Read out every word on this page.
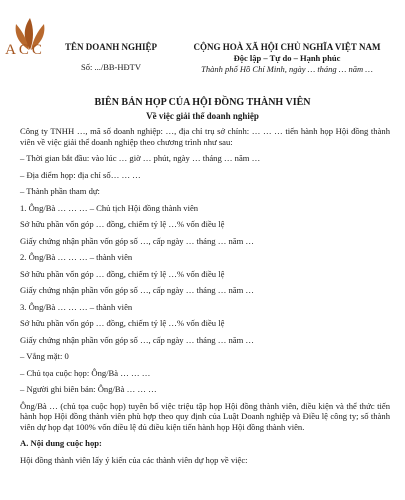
ACC	TÊN DOANH NGHIỆP
Số: .../BB-HĐTV
CỘNG HOÀ XÃ HỘI CHỦ NGHĨA VIỆT NAM
Độc lập – Tự do – Hạnh phúc
Thành phố Hồ Chí Minh, ngày … tháng … năm …
BIÊN BẢN HỌP CỦA HỘI ĐỒNG THÀNH VIÊN
Về việc giải thể doanh nghiệp

Công ty TNHH …, mã số doanh nghiệp: …, địa chỉ trụ sở chính: … … … tiến hành họp Hội đồng thành viên về việc giải thể doanh nghiệp theo chương trình như sau:

– Thời gian bắt đầu: vào lúc … giờ … phút, ngày … tháng … năm …

– Địa điểm họp: địa chỉ số… … …

– Thành phần tham dự:

1. Ông/Bà … … … – Chủ tịch Hội đồng thành viên

Sở hữu phần vốn góp … đồng, chiếm tỷ lệ …% vốn điều lệ

Giấy chứng nhận phần vốn góp số …, cấp ngày … tháng … năm …

2. Ông/Bà … … … – thành viên

Sở hữu phần vốn góp … đồng, chiếm tỷ lệ …% vốn điều lệ

Giấy chứng nhận phần vốn góp số …, cấp ngày … tháng … năm …

3. Ông/Bà … … … – thành viên

Sở hữu phần vốn góp … đồng, chiếm tỷ lệ …% vốn điều lệ

Giấy chứng nhận phần vốn góp số …, cấp ngày … tháng … năm …

– Vắng mặt: 0

– Chủ tọa cuộc họp: Ông/Bà … … …

– Người ghi biên bản: Ông/Bà … … …

Ông/Bà … (chủ tọa cuộc họp) tuyên bố việc triệu tập họp Hội đồng thành viên, điều kiện và thể thức tiến hành họp Hội đồng thành viên phù hợp theo quy định của Luật Doanh nghiệp và Điều lệ công ty; số thành viên dự họp đạt 100% vốn điều lệ đủ điều kiện tiến hành họp Hội đồng thành viên.

A. Nội dung cuộc họp:

Hội đồng thành viên lấy ý kiến của các thành viên dự họp về việc:
